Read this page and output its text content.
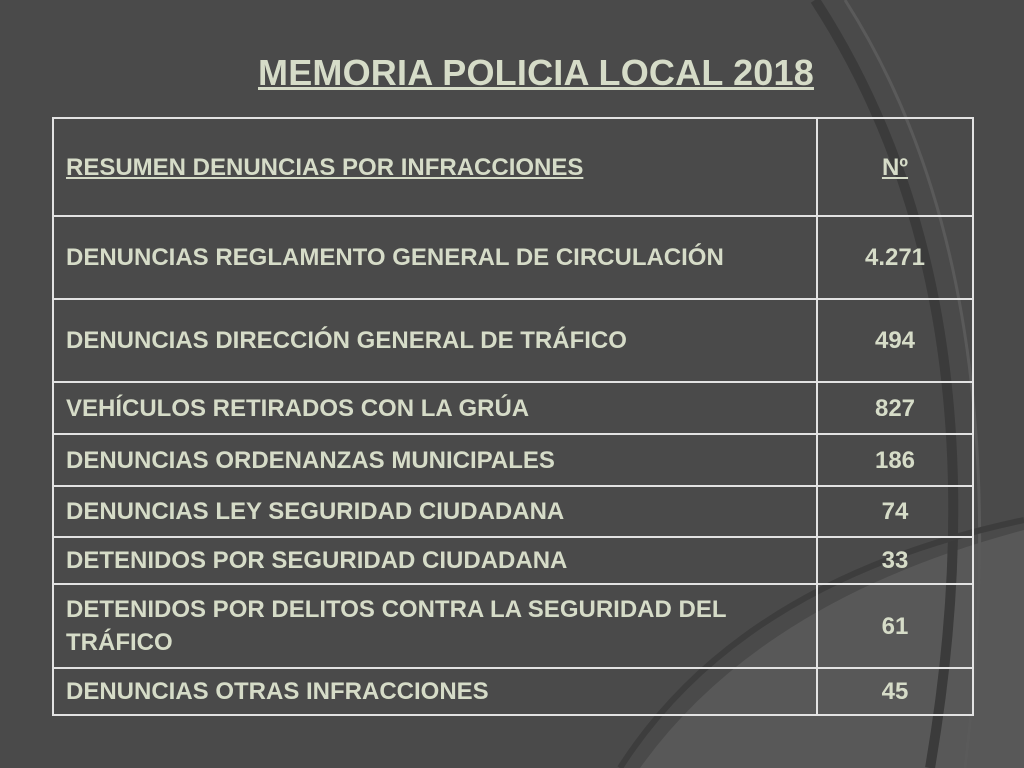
MEMORIA POLICIA LOCAL 2018
RESUMEN DENUNCIAS POR INFRACCIONES	Nº
DENUNCIAS REGLAMENTO GENERAL DE CIRCULACIÓN	4.271
DENUNCIAS DIRECCIÓN GENERAL DE TRÁFICO	494
VEHÍCULOS RETIRADOS CON LA GRÚA	827
DENUNCIAS ORDENANZAS MUNICIPALES	186
DENUNCIAS LEY SEGURIDAD CIUDADANA	74
DETENIDOS POR SEGURIDAD CIUDADANA	33
DETENIDOS POR DELITOS CONTRA LA SEGURIDAD DEL TRÁFICO	61
DENUNCIAS OTRAS INFRACCIONES	45
